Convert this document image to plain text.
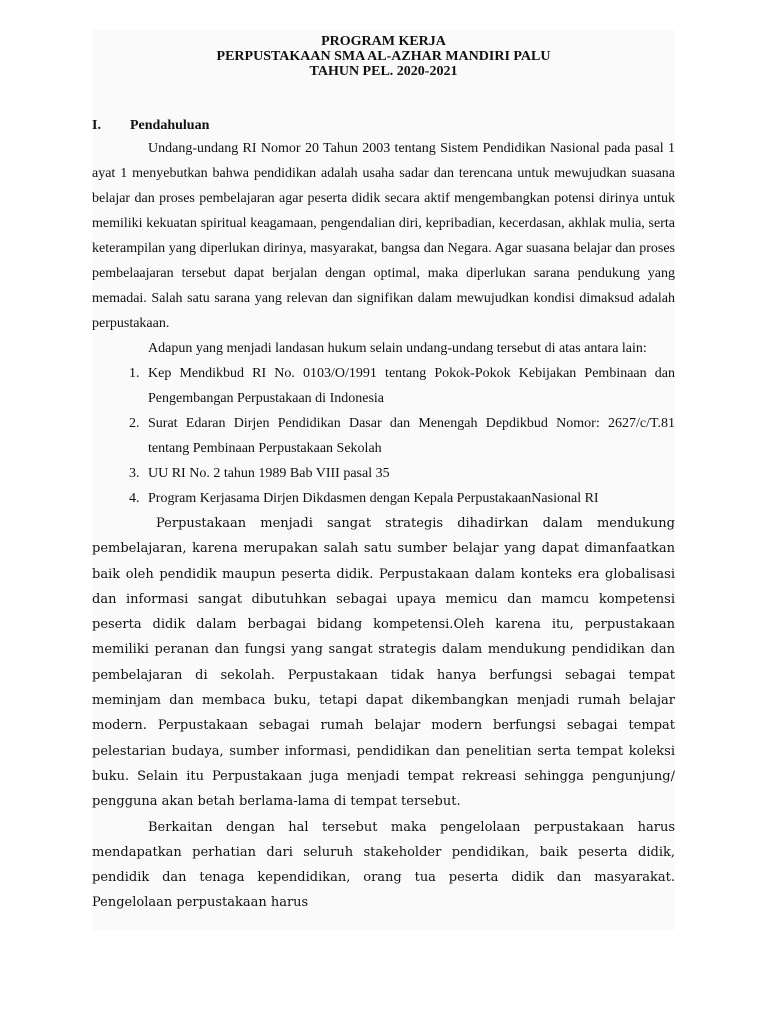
PROGRAM KERJA
PERPUSTAKAAN SMA AL-AZHAR MANDIRI PALU
TAHUN PEL. 2020-2021
I.	Pendahuluan

Undang-undang RI Nomor 20 Tahun 2003 tentang Sistem Pendidikan Nasional pada pasal 1 ayat 1 menyebutkan bahwa pendidikan adalah usaha sadar dan terencana untuk mewujudkan suasana belajar dan proses pembelajaran agar peserta didik secara aktif mengembangkan potensi dirinya untuk memiliki kekuatan spiritual keagamaan, pengendalian diri, kepribadian, kecerdasan, akhlak mulia, serta keterampilan yang diperlukan dirinya, masyarakat, bangsa dan Negara. Agar suasana belajar dan proses pembelaajaran tersebut dapat berjalan dengan optimal, maka diperlukan sarana pendukung yang memadai. Salah satu sarana yang relevan dan signifikan dalam mewujudkan kondisi dimaksud adalah perpustakaan.

Adapun yang menjadi landasan hukum selain undang-undang tersebut di atas antara lain:

1. Kep Mendikbud RI No. 0103/O/1991 tentang Pokok-Pokok Kebijakan Pembinaan dan Pengembangan Perpustakaan di Indonesia
2. Surat Edaran Dirjen Pendidikan Dasar dan Menengah Depdikbud Nomor: 2627/c/T.81 tentang Pembinaan Perpustakaan Sekolah
3. UU RI No. 2 tahun 1989 Bab VIII pasal 35
4. Program Kerjasama Dirjen Dikdasmen dengan Kepala PerpustakaanNasional RI

Perpustakaan menjadi sangat strategis dihadirkan dalam mendukung pembelajaran, karena merupakan salah satu sumber belajar yang dapat dimanfaatkan baik oleh pendidik maupun peserta didik. Perpustakaan dalam konteks era globalisasi dan informasi sangat dibutuhkan sebagai upaya memicu dan mamcu kompetensi peserta didik dalam berbagai bidang kompetensi.Oleh karena itu, perpustakaan memiliki peranan dan fungsi yang sangat strategis dalam mendukung pendidikan dan pembelajaran di sekolah. Perpustakaan tidak hanya berfungsi sebagai tempat meminjam dan membaca buku, tetapi dapat dikembangkan menjadi rumah belajar modern. Perpustakaan sebagai rumah belajar modern berfungsi sebagai tempat pelestarian budaya, sumber informasi, pendidikan dan penelitian serta tempat koleksi buku. Selain itu Perpustakaan juga menjadi tempat rekreasi sehingga pengunjung/ pengguna akan betah berlama-lama di tempat tersebut.

Berkaitan dengan hal tersebut maka pengelolaan perpustakaan harus mendapatkan perhatian dari seluruh stakeholder pendidikan, baik peserta didik, pendidik dan tenaga kependidikan, orang tua peserta didik dan masyarakat. Pengelolaan perpustakaan harus
